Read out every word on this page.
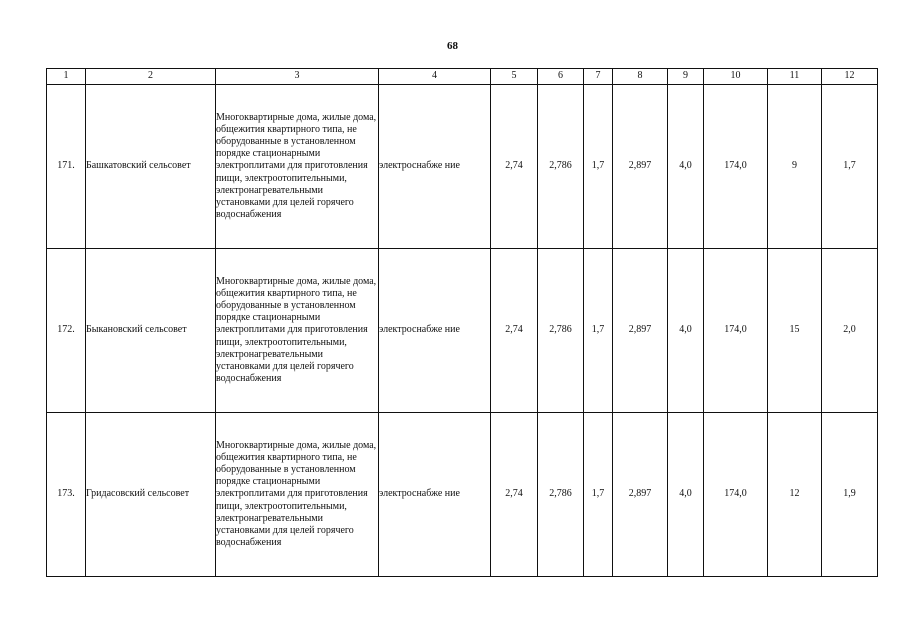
68
1	2	3	4	5	6	7	8	9	10	11	12
171.	Башкатовский сельсовет	Многоквартирные дома, жилые дома, общежития квартирного типа, не оборудованные в установленном порядке стационарными электроплитами для приготовления пищи, электроотопительными, электронагревательными установками для целей горячего водоснабжения	электроснабже ние	2,74	2,786	1,7	2,897	4,0	174,0	9	1,7
172.	Быкановский сельсовет	Многоквартирные дома, жилые дома, общежития квартирного типа, не оборудованные в установленном порядке стационарными электроплитами для приготовления пищи, электроотопительными, электронагревательными установками для целей горячего водоснабжения	электроснабже ние	2,74	2,786	1,7	2,897	4,0	174,0	15	2,0
173.	Гридасовский сельсовет	Многоквартирные дома, жилые дома, общежития квартирного типа, не оборудованные в установленном порядке стационарными электроплитами для приготовления пищи, электроотопительными, электронагревательными установками для целей горячего водоснабжения	электроснабже ние	2,74	2,786	1,7	2,897	4,0	174,0	12	1,9
